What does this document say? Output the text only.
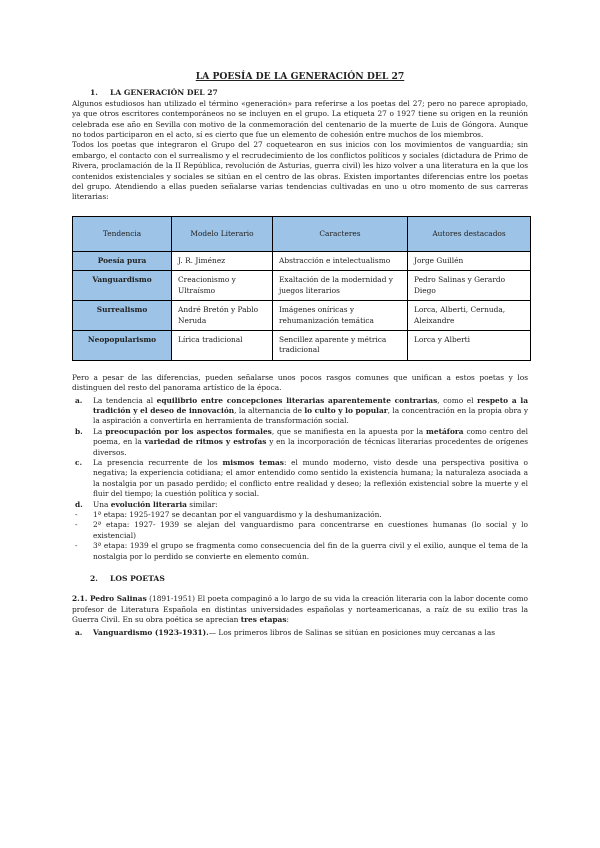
LA POESÍA DE LA GENERACIÓN DEL 27
1. LA GENERACIÓN DEL 27

Algunos estudiosos han utilizado el término «generación» para referirse a los poetas del 27; pero no parece apropiado, ya que otros escritores contemporáneos no se incluyen en el grupo. La etiqueta 27 o 1927 tiene su origen en la reunión celebrada ese año en Sevilla con motivo de la conmemoración del centenario de la muerte de Luis de Góngora. Aunque no todos participaron en el acto, sí es cierto que fue un elemento de cohesión entre muchos de los miembros.

Todos los poetas que integraron el Grupo del 27 coquetearon en sus inicios con los movimientos de vanguardia; sin embargo, el contacto con el surrealismo y el recrudecimiento de los conflictos políticos y sociales (dictadura de Primo de Rivera, proclamación de la II República, revolución de Asturias, guerra civil) les hizo volver a una literatura en la que los contenidos existenciales y sociales se sitúan en el centro de las obras. Existen importantes diferencias entre los poetas del grupo. Atendiendo a ellas pueden señalarse varias tendencias cultivadas en uno u otro momento de sus carreras literarias:

Tendencia	Modelo Literario	Caracteres	Autores destacados
Poesía pura	J. R. Jiménez	Abstracción e intelectualismo	Jorge Guillén
Vanguardismo	Creacionismo y Ultraísmo	Exaltación de la modernidad y juegos literarios	Pedro Salinas y Gerardo Diego
Surrealismo	André Bretón y Pablo Neruda	Imágenes oníricas y rehumanización temática	Lorca, Alberti, Cernuda, Aleixandre
Neopopularismo	Lírica tradicional	Sencillez aparente y métrica tradicional	Lorca y Alberti

Pero a pesar de las diferencias, pueden señalarse unos pocos rasgos comunes que unifican a estos poetas y los distinguen del resto del panorama artístico de la época.

a. La tendencia al equilibrio entre concepciones literarias aparentemente contrarias, como el respeto a la tradición y el deseo de innovación, la alternancia de lo culto y lo popular, la concentración en la propia obra y la aspiración a convertirla en herramienta de transformación social.
b. La preocupación por los aspectos formales, que se manifiesta en la apuesta por la metáfora como centro del poema, en la variedad de ritmos y estrofas y en la incorporación de técnicas literarias procedentes de orígenes diversos.
c. La presencia recurrente de los mismos temas: el mundo moderno, visto desde una perspectiva positiva o negativa; la experiencia cotidiana; el amor entendido como sentido la existencia humana; la naturaleza asociada a la nostalgia por un pasado perdido; el conflicto entre realidad y deseo; la reflexión existencial sobre la muerte y el fluir del tiempo; la cuestión política y social.
d. Una evolución literaria similar:
- 1ª etapa: 1925-1927 se decantan por el vanguardismo y la deshumanización.
- 2ª etapa: 1927- 1939 se alejan del vanguardismo para concentrarse en cuestiones humanas (lo social y lo existencial)
- 3ª etapa: 1939 el grupo se fragmenta como consecuencia del fin de la guerra civil y el exilio, aunque el tema de la nostalgia por lo perdido se convierte en elemento común.
2. LOS POETAS

2.1. Pedro Salinas (1891-1951) El poeta compaginó a lo largo de su vida la creación literaria con la labor docente como profesor de Literatura Española en distintas universidades españolas y norteamericanas, a raíz de su exilio tras la Guerra Civil. En su obra poética se aprecian tres etapas:

a. Vanguardismo (1923-1931).— Los primeros libros de Salinas se sitúan en posiciones muy cercanas a las
